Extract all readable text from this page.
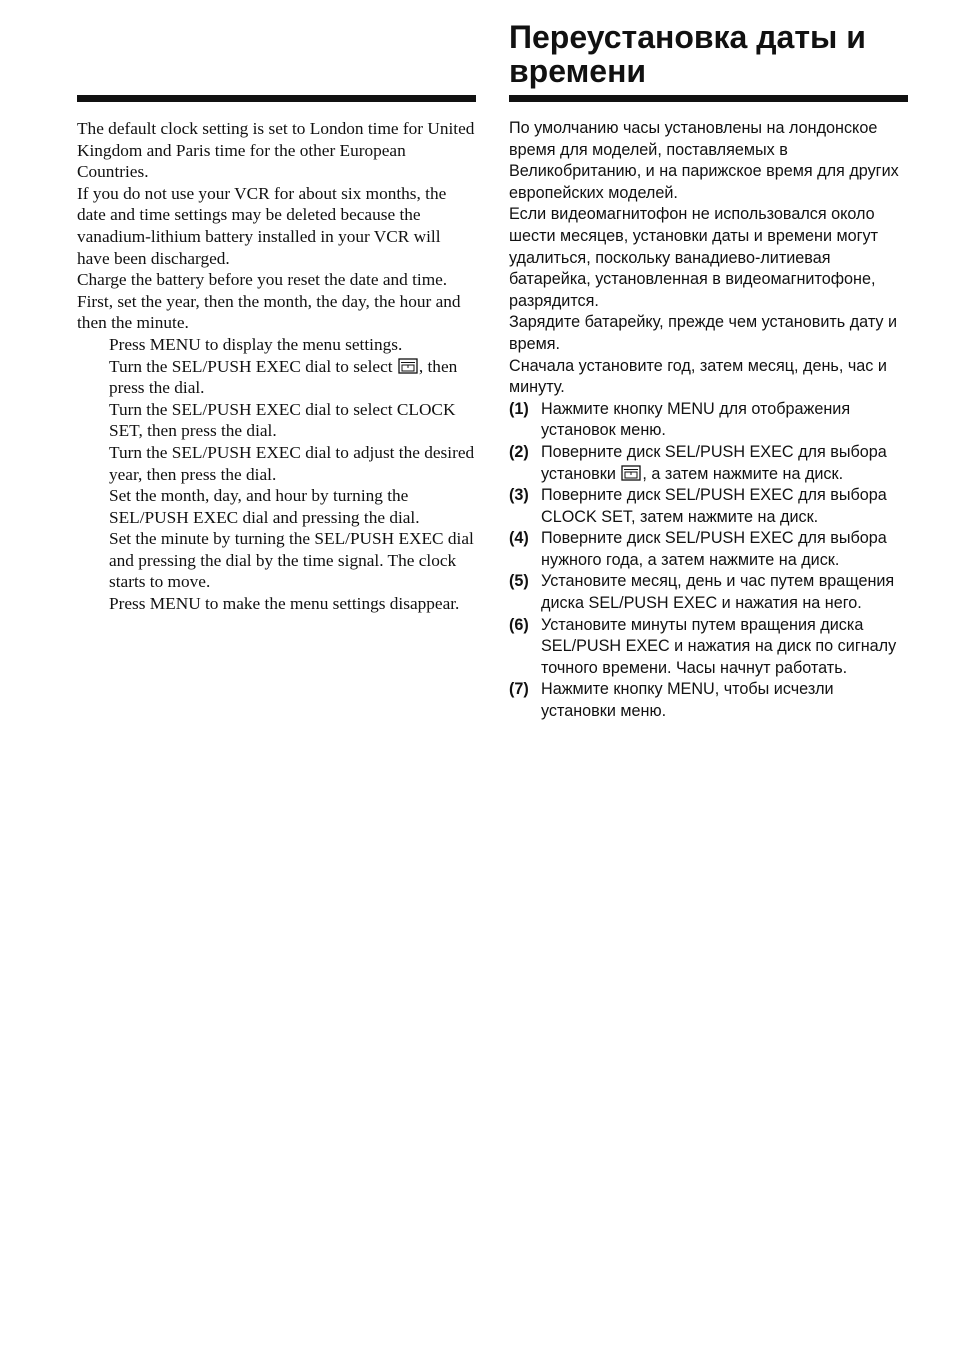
Переустановка даты и времени

The default clock setting is set to London time for United Kingdom and Paris time for the other European Countries.

If you do not use your VCR for about six months, the date and time settings may be deleted because the vanadium-lithium battery installed in your VCR will have been discharged.

Charge the battery before you reset the date and time.

First, set the year, then the month, the day, the hour and then the minute.

Press MENU to display the menu settings.
Turn the SEL/PUSH EXEC dial to select
, then press the dial.
Turn the SEL/PUSH EXEC dial to select CLOCK SET, then press the dial.
Turn the SEL/PUSH EXEC dial to adjust the desired year, then press the dial.
Set the month, day, and hour by turning the SEL/PUSH EXEC dial and pressing the dial.
Set the minute by turning the SEL/PUSH EXEC dial and pressing the dial by the time signal. The clock starts to move.
Press MENU to make the menu settings disappear.

По умолчанию часы установлены на лондонское время для моделей, поставляемых в Великобританию, и на парижское время для других европейских моделей.

Если видеомагнитофон не использовался около шести месяцев, установки даты и времени могут удалиться, поскольку ванадиево-литиевая батарейка, установленная в видеомагнитофоне, разрядится.

Зарядите батарейку, прежде чем установить дату и время.

Сначала установите год, затем месяц, день, час и минуту.

(1) Нажмите кнопку MENU для отображения установок меню.
(2) Поверните диск SEL/PUSH EXEC для выбора установки
, а затем нажмите на диск.
(3) Поверните диск SEL/PUSH EXEC для выбора CLOCK SET, затем нажмите на диск.
(4) Поверните диск SEL/PUSH EXEC для выбора нужного года, а затем нажмите на диск.
(5) Установите месяц, день и час путем вращения диска SEL/PUSH EXEC и нажатия на него.
(6) Установите минуты путем вращения диска SEL/PUSH EXEC и нажатия на диск по сигналу точного времени. Часы начнут работать.
(7) Нажмите кнопку MENU, чтобы исчезли установки меню.
